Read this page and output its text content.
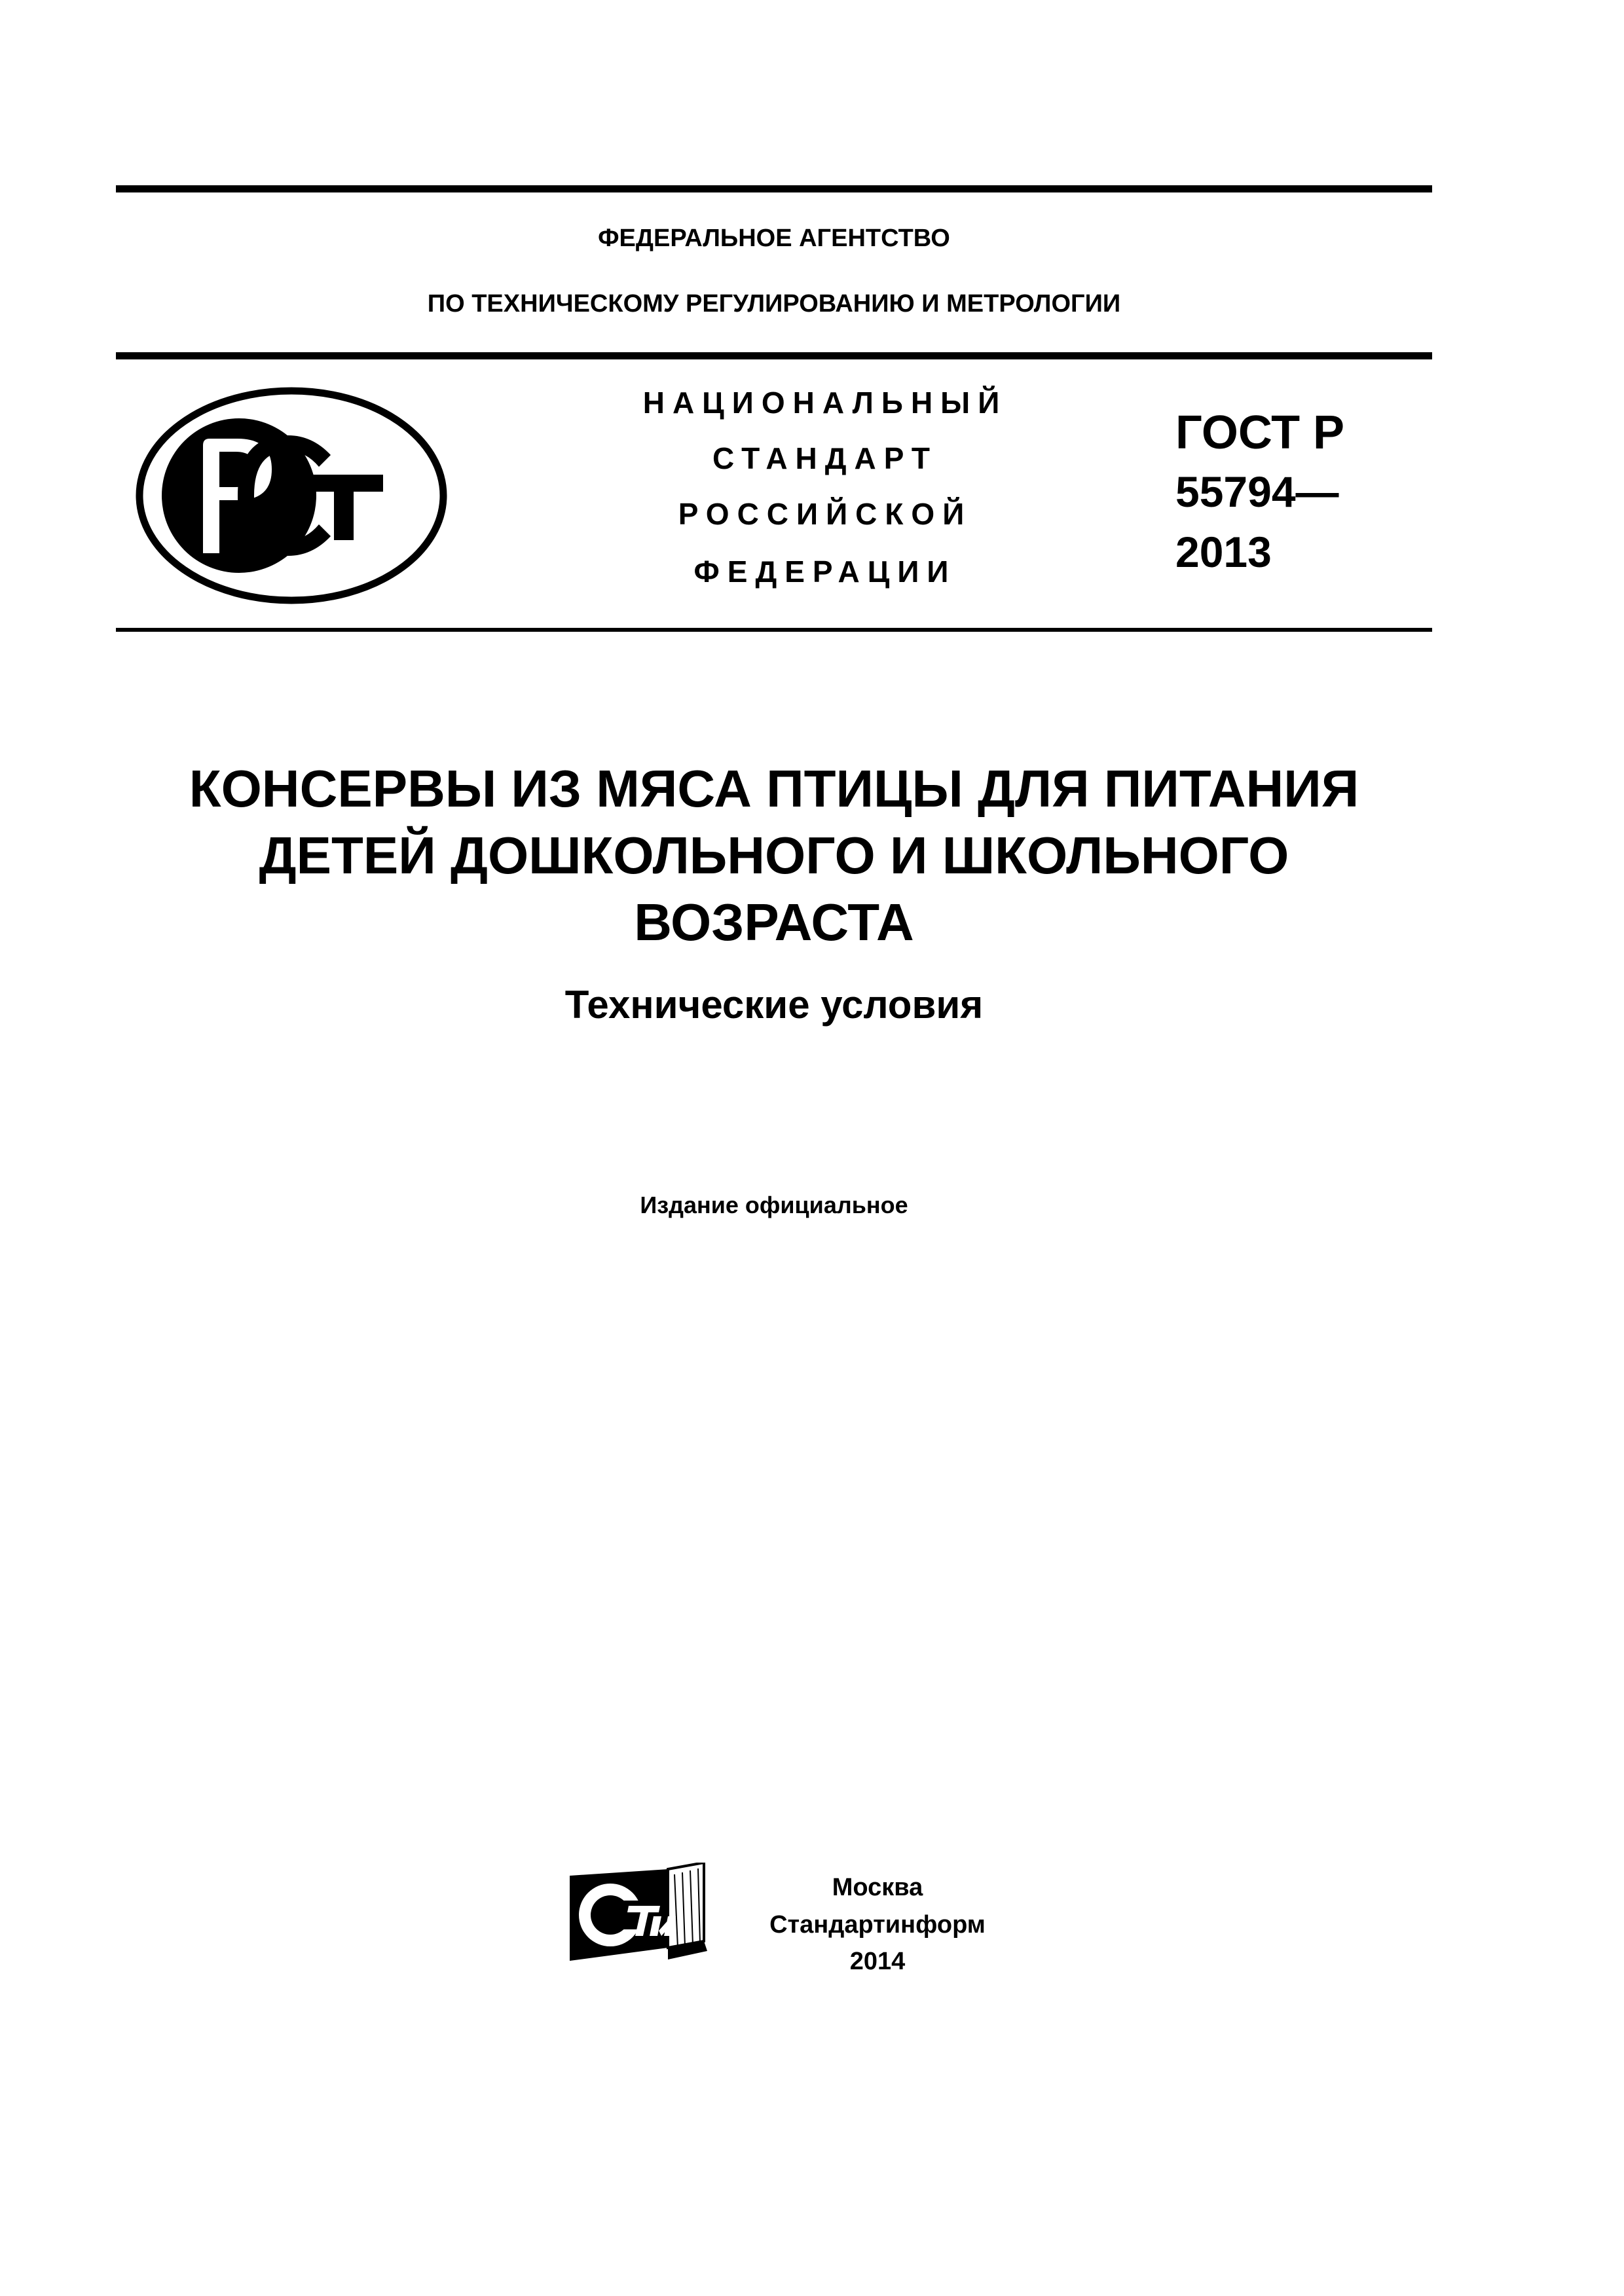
ФЕДЕРАЛЬНОЕ АГЕНТСТВО
ПО ТЕХНИЧЕСКОМУ РЕГУЛИРОВАНИЮ И МЕТРОЛОГИИ
НАЦИОНАЛЬНЫЙ
СТАНДАРТ
РОССИЙСКОЙ
ФЕДЕРАЦИИ
ГОСТ Р
55794—
2013
КОНСЕРВЫ ИЗ МЯСА ПТИЦЫ ДЛЯ ПИТАНИЯ
ДЕТЕЙ ДОШКОЛЬНОГО И ШКОЛЬНОГО
ВОЗРАСТА
Технические условия
Издание официальное
Москва
Стандартинформ
2014
